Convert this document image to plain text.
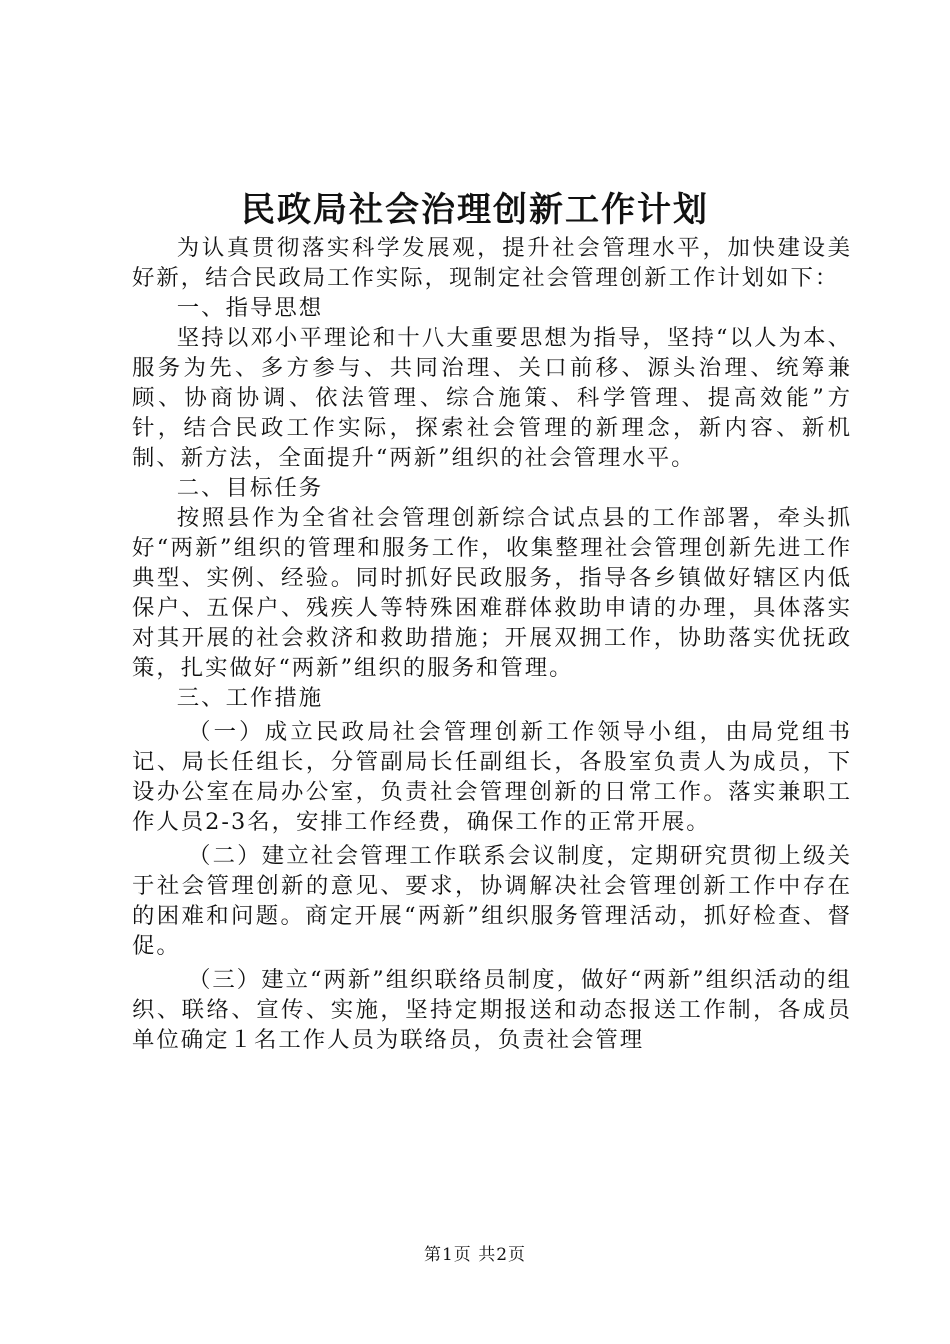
民政局社会治理创新工作计划

为认真贯彻落实科学发展观，提升社会管理水平，加快建设美好新，结合民政局工作实际，现制定社会管理创新工作计划如下：

一、指导思想

坚持以邓小平理论和十八大重要思想为指导，坚持“以人为本、服务为先、多方参与、共同治理、关口前移、源头治理、统筹兼顾、协商协调、依法管理、综合施策、科学管理、提高效能”方针，结合民政工作实际，探索社会管理的新理念，新内容、新机制、新方法，全面提升“两新”组织的社会管理水平。

二、目标任务

按照县作为全省社会管理创新综合试点县的工作部署，牵头抓好“两新”组织的管理和服务工作，收集整理社会管理创新先进工作典型、实例、经验。同时抓好民政服务，指导各乡镇做好辖区内低保户、五保户、残疾人等特殊困难群体救助申请的办理，具体落实对其开展的社会救济和救助措施；开展双拥工作，协助落实优抚政策，扎实做好“两新”组织的服务和管理。

三、工作措施

（一）成立民政局社会管理创新工作领导小组，由局党组书记、局长任组长，分管副局长任副组长，各股室负责人为成员，下设办公室在局办公室，负责社会管理创新的日常工作。落实兼职工作人员2-3名，安排工作经费，确保工作的正常开展。

（二）建立社会管理工作联系会议制度，定期研究贯彻上级关于社会管理创新的意见、要求，协调解决社会管理创新工作中存在的困难和问题。商定开展“两新”组织服务管理活动，抓好检查、督促。

（三）建立“两新”组织联络员制度，做好“两新”组织活动的组织、联络、宣传、实施，坚持定期报送和动态报送工作制，各成员单位确定１名工作人员为联络员，负责社会管理

第1页 共2页
